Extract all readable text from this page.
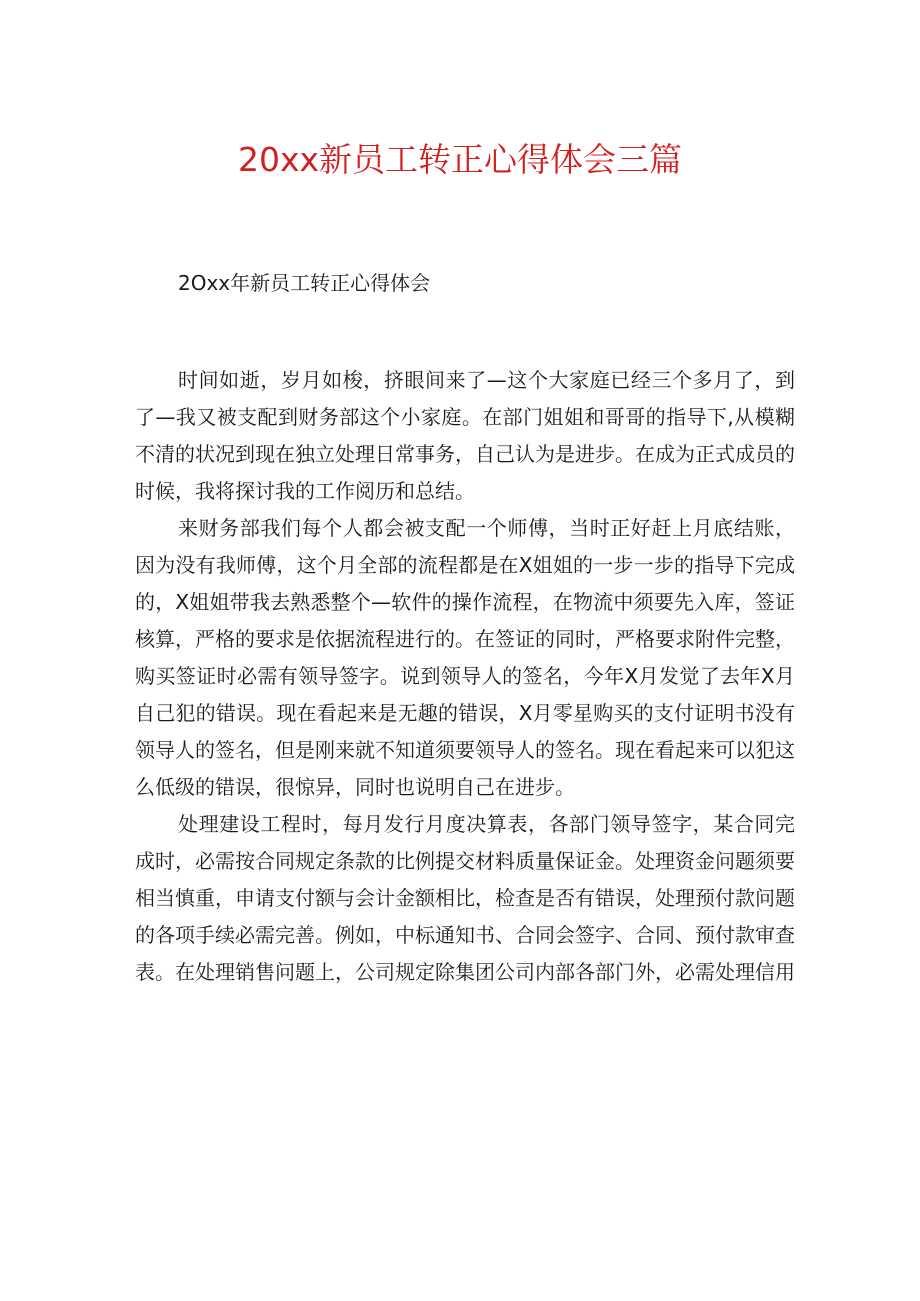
20xx新员工转正心得体会三篇
2Oxx年新员工转正心得体会
时间如逝，岁月如梭，挤眼间来了—这个大家庭已经三个多月了，到
了—我又被支配到财务部这个小家庭。在部门姐姐和哥哥的指导下,从模糊
不清的状况到现在独立处理日常事务，自己认为是进步。在成为正式成员的
时候，我将探讨我的工作阅历和总结。
来财务部我们每个人都会被支配一个师傅，当时正好赶上月底结账，
因为没有我师傅，这个月全部的流程都是在X姐姐的一步一步的指导下完成
的，X姐姐带我去熟悉整个—软件的操作流程，在物流中须要先入库，签证
核算，严格的要求是依据流程进行的。在签证的同时，严格要求附件完整，
购买签证时必需有领导签字。说到领导人的签名，今年X月发觉了去年X月
自己犯的错误。现在看起来是无趣的错误，X月零星购买的支付证明书没有
领导人的签名，但是刚来就不知道须要领导人的签名。现在看起来可以犯这
么低级的错误，很惊异，同时也说明自己在进步。
处理建设工程时，每月发行月度决算表，各部门领导签字，某合同完
成时，必需按合同规定条款的比例提交材料质量保证金。处理资金问题须要
相当慎重，申请支付额与会计金额相比，检查是否有错误，处理预付款问题
的各项手续必需完善。例如，中标通知书、合同会签字、合同、预付款审查
表。在处理销售问题上，公司规定除集团公司内部各部门外，必需处理信用
